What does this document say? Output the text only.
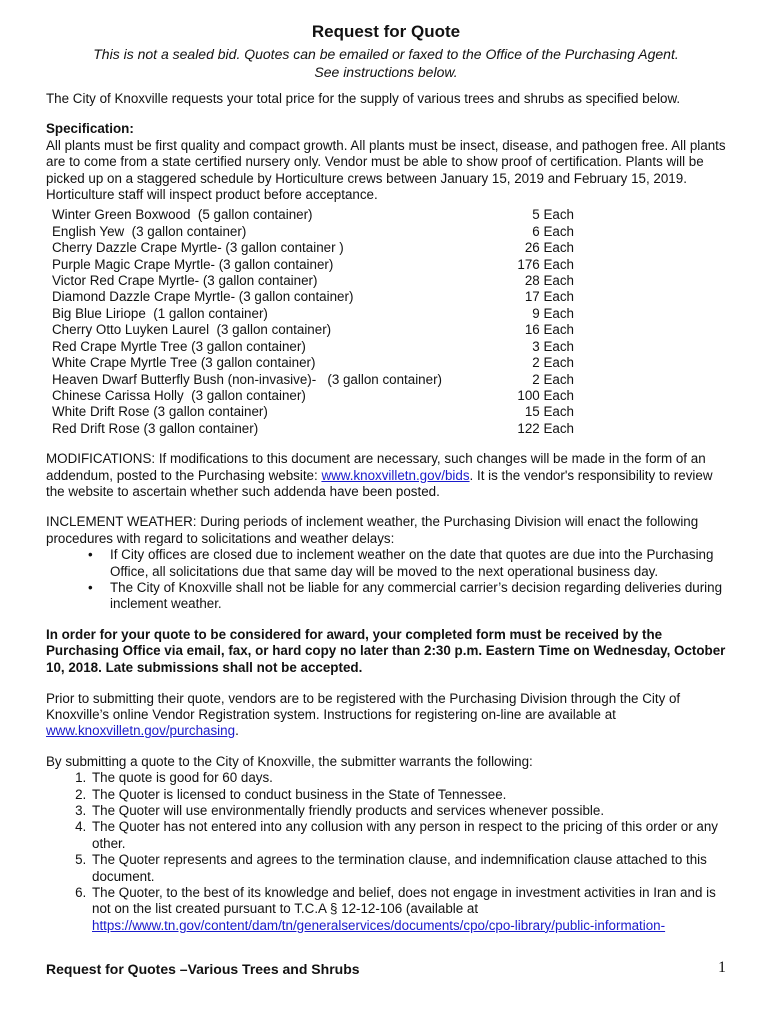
Request for Quote

This is not a sealed bid. Quotes can be emailed or faxed to the Office of the Purchasing Agent.

See instructions below.

The City of Knoxville requests your total price for the supply of various trees and shrubs as specified below.

Specification:

All plants must be first quality and compact growth. All plants must be insect, disease, and pathogen free. All plants are to come from a state certified nursery only. Vendor must be able to show proof of certification. Plants will be picked up on a staggered schedule by Horticulture crews between January 15, 2019 and February 15, 2019. Horticulture staff will inspect product before acceptance.

Winter Green Boxwood  (5 gallon container)	5 Each
English Yew  (3 gallon container)	6 Each
Cherry Dazzle Crape Myrtle- (3 gallon container )	26 Each
Purple Magic Crape Myrtle- (3 gallon container)	176 Each
Victor Red Crape Myrtle- (3 gallon container)	28 Each
Diamond Dazzle Crape Myrtle- (3 gallon container)	17 Each
Big Blue Liriope  (1 gallon container)	9 Each
Cherry Otto Luyken Laurel  (3 gallon container)	16 Each
Red Crape Myrtle Tree (3 gallon container)	3 Each
White Crape Myrtle Tree (3 gallon container)	2 Each
Heaven Dwarf Butterfly Bush (non-invasive)-   (3 gallon container)	2 Each
Chinese Carissa Holly  (3 gallon container)	100 Each
White Drift Rose (3 gallon container)	15 Each
Red Drift Rose (3 gallon container)	122 Each

MODIFICATIONS: If modifications to this document are necessary, such changes will be made in the form of an addendum, posted to the Purchasing website: www.knoxvilletn.gov/bids. It is the vendor's responsibility to review the website to ascertain whether such addenda have been posted.

INCLEMENT WEATHER: During periods of inclement weather, the Purchasing Division will enact the following procedures with regard to solicitations and weather delays:

• If City offices are closed due to inclement weather on the date that quotes are due into the Purchasing Office, all solicitations due that same day will be moved to the next operational business day.
• The City of Knoxville shall not be liable for any commercial carrier’s decision regarding deliveries during inclement weather.

In order for your quote to be considered for award, your completed form must be received by the Purchasing Office via email, fax, or hard copy no later than 2:30 p.m. Eastern Time on Wednesday, October 10, 2018. Late submissions shall not be accepted.

Prior to submitting their quote, vendors are to be registered with the Purchasing Division through the City of Knoxville’s online Vendor Registration system. Instructions for registering on-line are available at www.knoxvilletn.gov/purchasing.

By submitting a quote to the City of Knoxville, the submitter warrants the following:

1. The quote is good for 60 days.
2. The Quoter is licensed to conduct business in the State of Tennessee.
3. The Quoter will use environmentally friendly products and services whenever possible.
4. The Quoter has not entered into any collusion with any person in respect to the pricing of this order or any other.
5. The Quoter represents and agrees to the termination clause, and indemnification clause attached to this document.
6. The Quoter, to the best of its knowledge and belief, does not engage in investment activities in Iran and is not on the list created pursuant to T.C.A § 12-12-106 (available at https://www.tn.gov/content/dam/tn/generalservices/documents/cpo/cpo-library/public-information-
Request for Quotes –Various Trees and Shrubs	1
